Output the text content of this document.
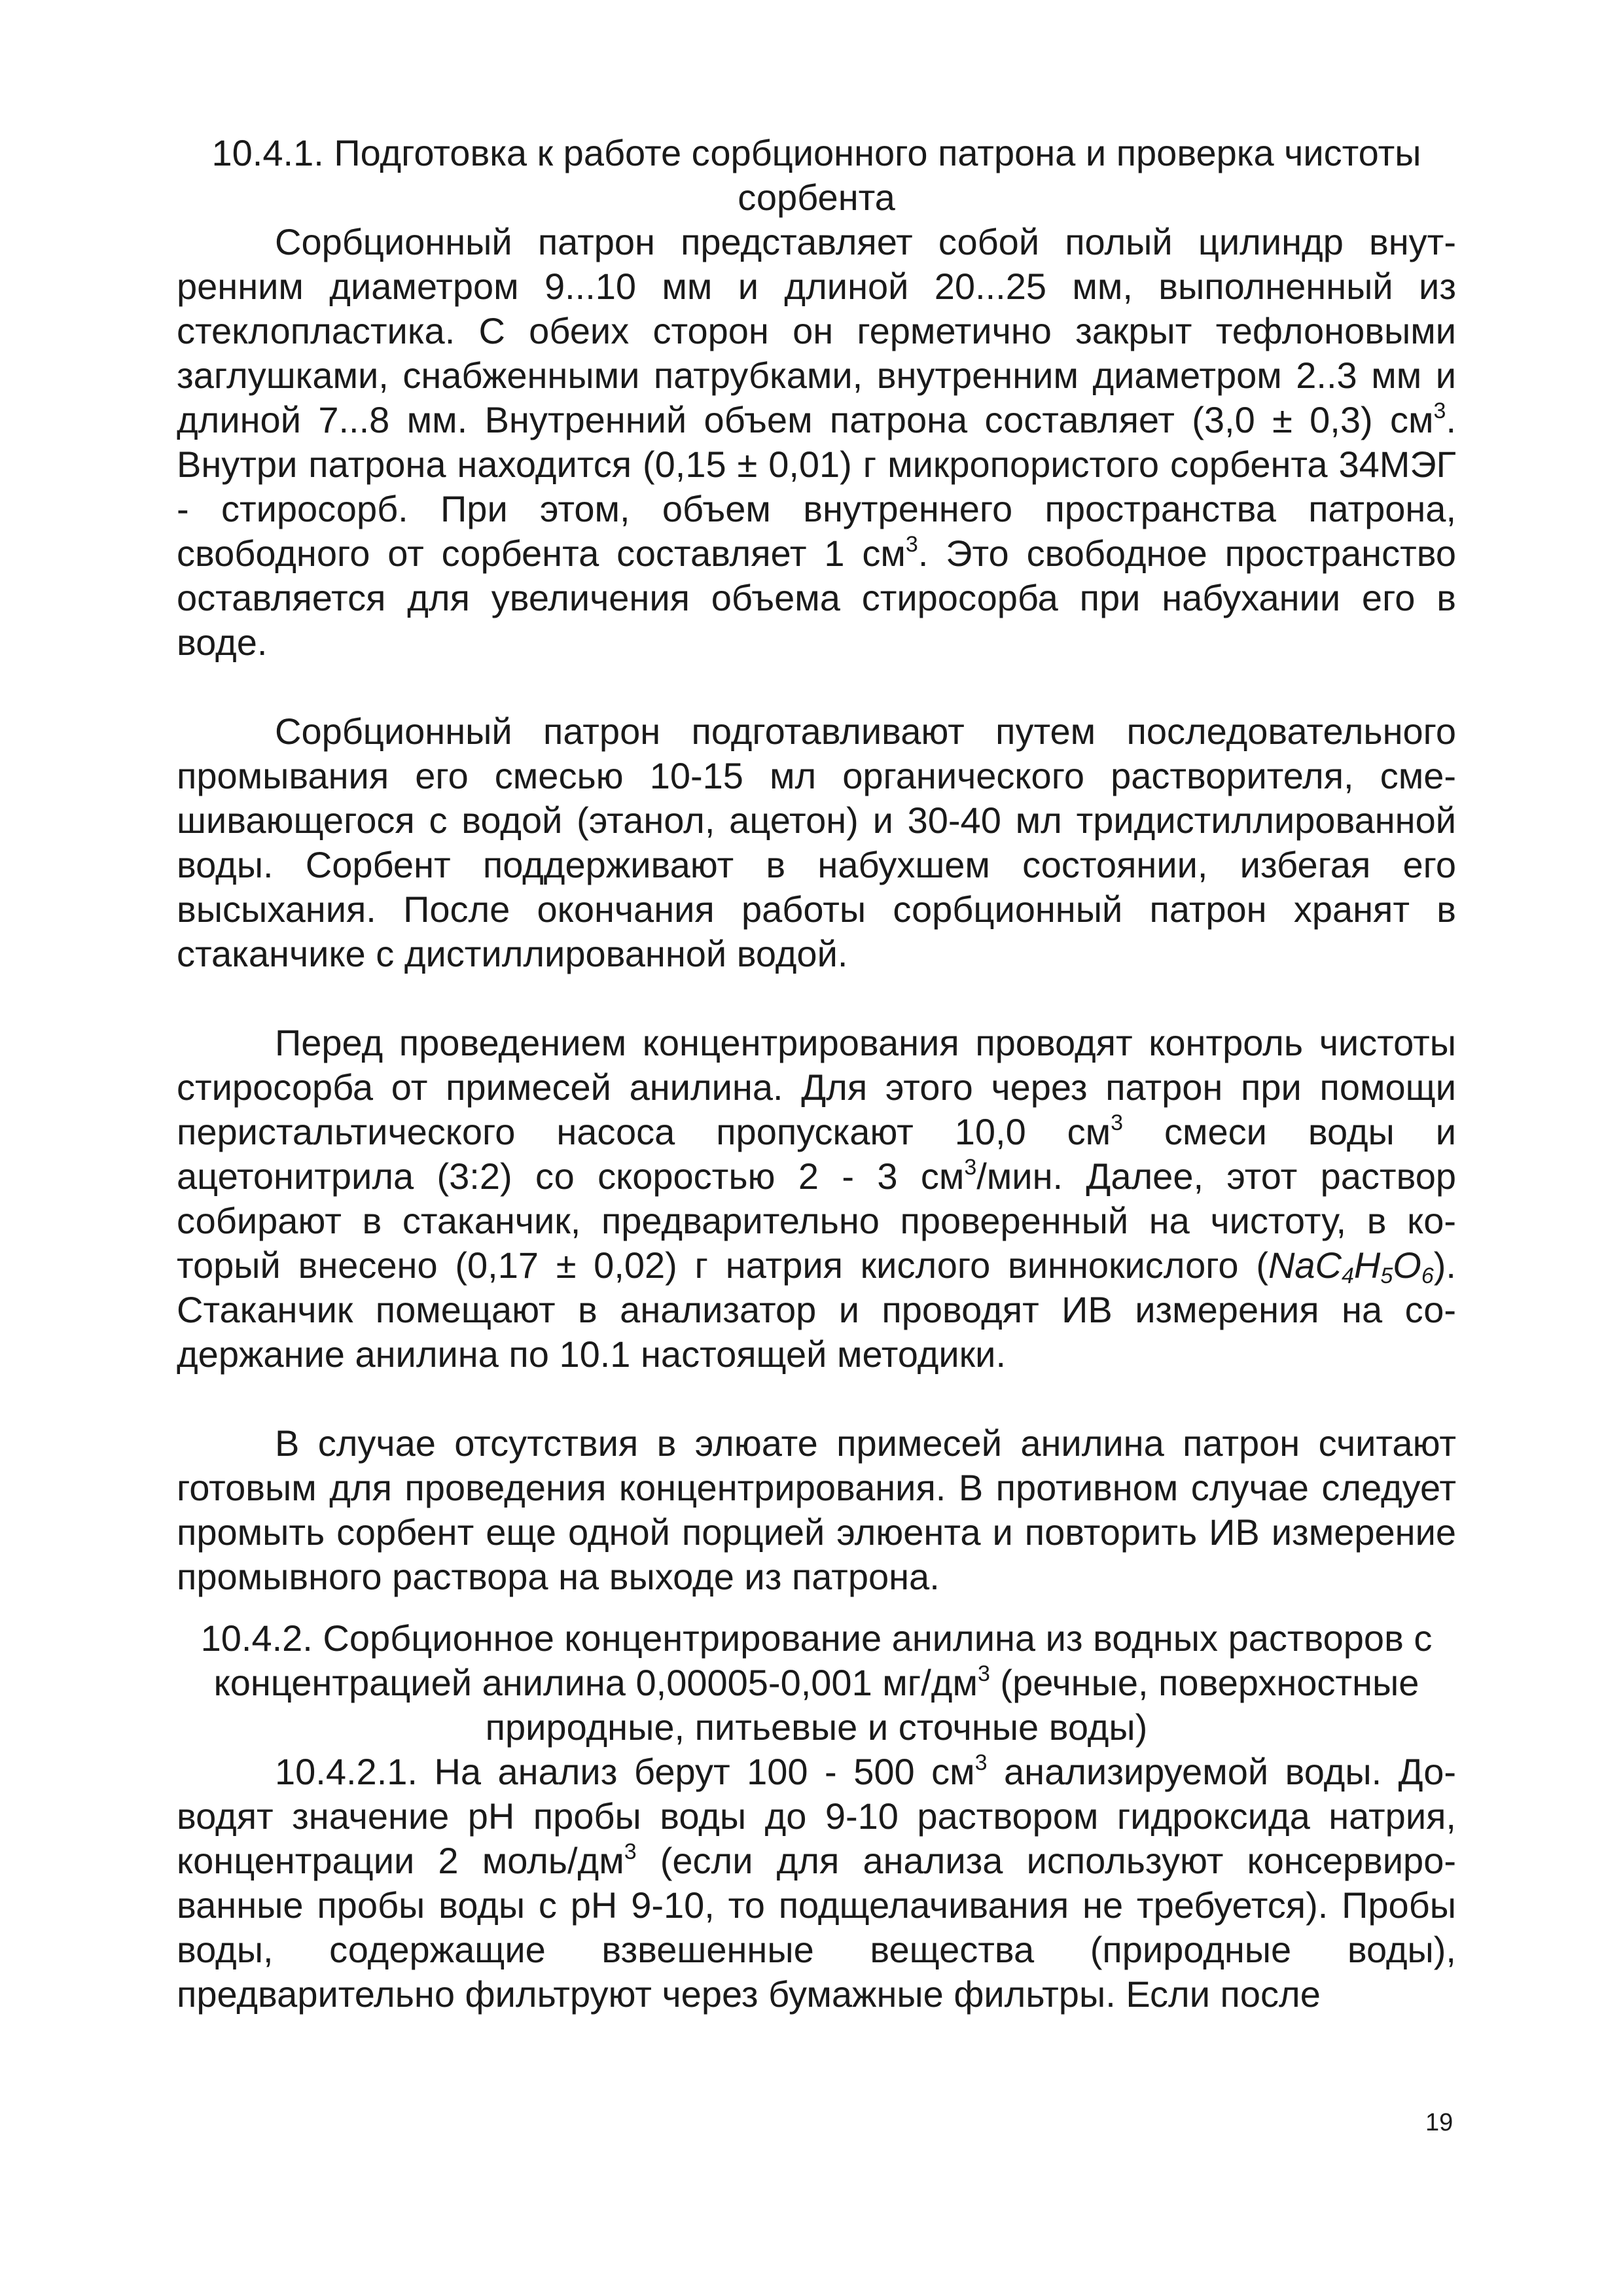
10.4.1. Подготовка к работе сорбционного патрона и проверка чистоты сорбента

Сорбционный патрон представляет собой полый цилиндр внутренним диаметром 9...10 мм и длиной 20...25 мм, выполненный из стеклопластика. С обеих сторон он герметично закрыт тефлоновыми заглушками, снабженными патрубками, внутренним диаметром 2..3 мм и длиной 7...8 мм. Внутренний объем патрона составляет (3,0 ± 0,3) $см^3$. Внутри патрона находится (0,15 ± 0,01) г микропористого сорбента 34МЭГ - стиросорб. При этом, объем внутреннего пространства патрона, свободного от сорбента составляет 1 $см^3$. Это свободное пространство оставляется для увеличения объема стиросорба при набухании его в воде.

Сорбционный патрон подготавливают путем последовательного промывания его смесью 10-15 мл органического растворителя, смешивающегося с водой (этанол, ацетон) и 30-40 мл тридистиллированной воды. Сорбент поддерживают в набухшем состоянии, избегая его высыхания. После окончания работы сорбционный патрон хранят в стаканчике с дистиллированной водой.

Перед проведением концентрирования проводят контроль чистоты стиросорба от примесей анилина. Для этого через патрон при помощи перистальтического насоса пропускают 10,0 $см^3$ смеси воды и ацетонитрила (3:2) со скоростью 2 - 3 $см^3$/мин. Далее, этот раствор собирают в стаканчик, предварительно проверенный на чистоту, в который внесено (0,17 ± 0,02) г натрия кислого виннокислого $(NaC_4H_5O_6)$. Стаканчик помещают в анализатор и проводят ИВ измерения на содержание анилина по 10.1 настоящей методики.

В случае отсутствия в элюате примесей анилина патрон считают готовым для проведения концентрирования. В противном случае следует промыть сорбент еще одной порцией элюента и повторить ИВ измерение промывного раствора на выходе из патрона.

10.4.2. Сорбционное концентрирование анилина из водных растворов с концентрацией анилина 0,00005-0,001 $мг/дм^3$ (речные, поверхностные природные, питьевые и сточные воды)

10.4.2.1. На анализ берут 100 - 500 $см^3$ анализируемой воды. Доводят значение рН пробы воды до 9-10 раствором гидроксида натрия, концентрации 2 моль/$дм^3$ (если для анализа используют консервированные пробы воды с рН 9-10, то подщелачивания не требуется). Пробы воды, содержащие взвешенные вещества (природные воды), предварительно фильтруют через бумажные фильтры. Если после

19
